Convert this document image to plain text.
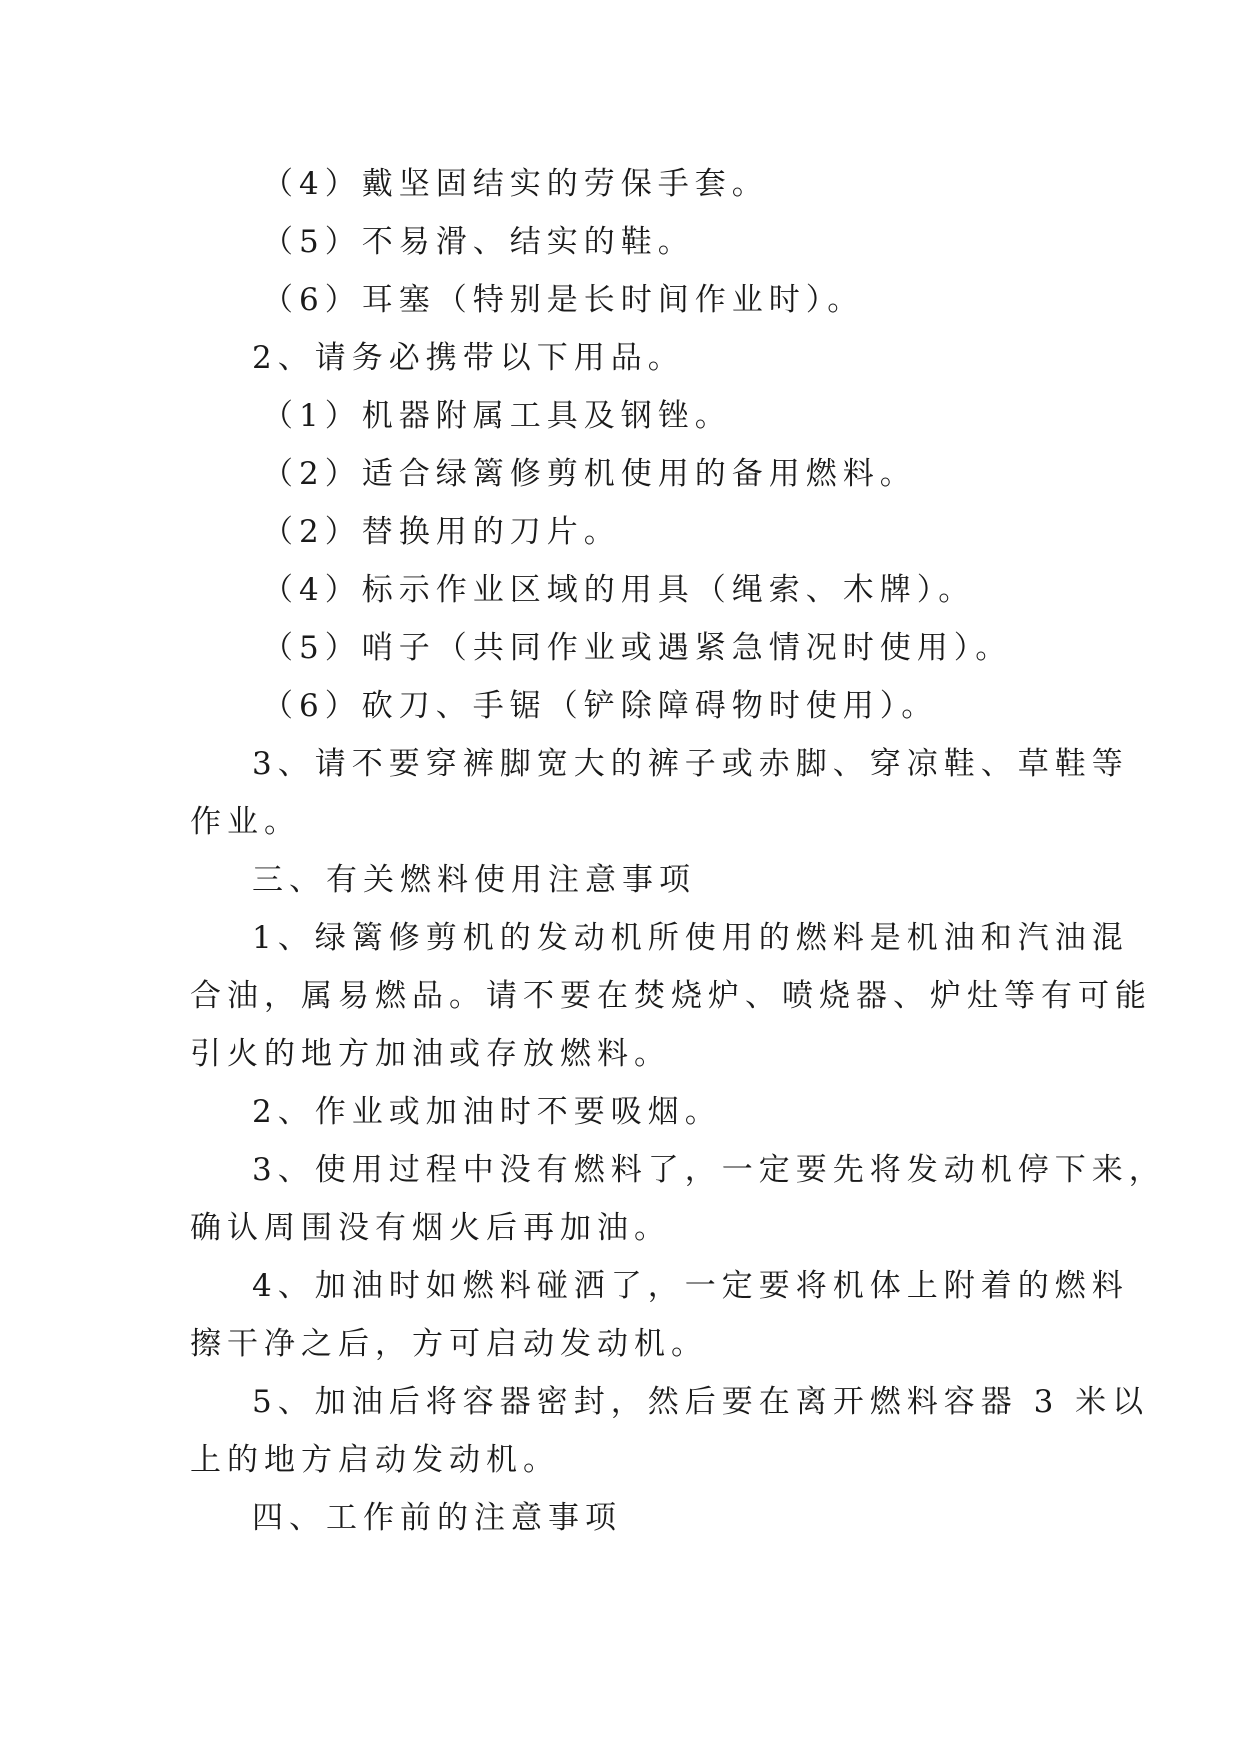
（4）戴坚固结实的劳保手套。
（5）不易滑、结实的鞋。
（6）耳塞（特别是长时间作业时）。
2、请务必携带以下用品。
（1）机器附属工具及钢锉。
（2）适合绿篱修剪机使用的备用燃料。
（2）替换用的刀片。
（4）标示作业区域的用具（绳索、木牌）。
（5）哨子（共同作业或遇紧急情况时使用）。
（6）砍刀、手锯（铲除障碍物时使用）。
3、请不要穿裤脚宽大的裤子或赤脚、穿凉鞋、草鞋等
作业。
三、有关燃料使用注意事项
1、绿篱修剪机的发动机所使用的燃料是机油和汽油混
合油，属易燃品。请不要在焚烧炉、喷烧器、炉灶等有可能
引火的地方加油或存放燃料。
2、作业或加油时不要吸烟。
3、使用过程中没有燃料了，一定要先将发动机停下来，
确认周围没有烟火后再加油。
4、加油时如燃料碰洒了，一定要将机体上附着的燃料
擦干净之后，方可启动发动机。
5、加油后将容器密封，然后要在离开燃料容器 3 米以
上的地方启动发动机。
四、工作前的注意事项
